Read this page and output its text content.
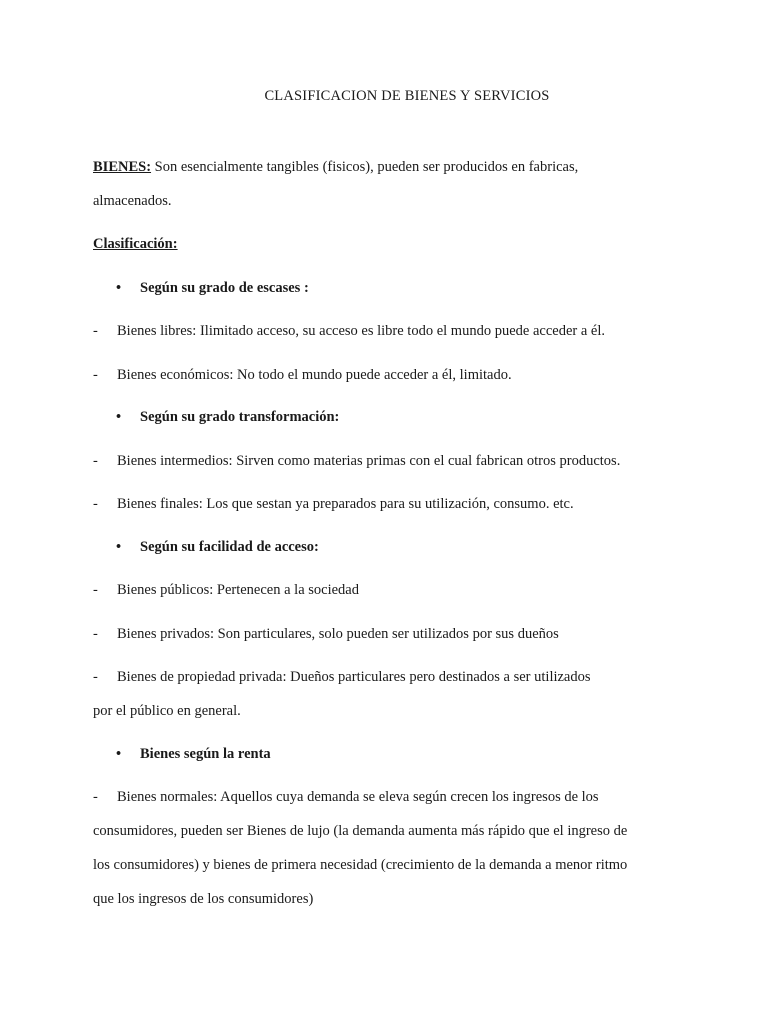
CLASIFICACION DE BIENES Y SERVICIOS
BIENES: Son esencialmente tangibles (fisicos), pueden ser producidos en fabricas,
almacenados.
Clasificación:
• Según su grado de escases :
- Bienes libres: Ilimitado acceso, su acceso es libre todo el mundo puede acceder a él.
- Bienes económicos: No todo el mundo puede acceder a él, limitado.
• Según su grado transformación:
- Bienes intermedios: Sirven como materias primas con el cual fabrican otros productos.
- Bienes finales: Los que sestan ya preparados para su utilización, consumo. etc.
• Según su facilidad de acceso:
- Bienes públicos: Pertenecen a la sociedad
- Bienes privados: Son particulares, solo pueden ser utilizados por sus dueños
- Bienes de propiedad privada: Dueños particulares pero destinados a ser utilizados
por el público en general.
• Bienes según la renta
- Bienes normales: Aquellos cuya demanda se eleva según crecen los ingresos de los
consumidores, pueden ser Bienes de lujo (la demanda aumenta más rápido que el ingreso de
los consumidores) y bienes de primera necesidad (crecimiento de la demanda a menor ritmo
que los ingresos de los consumidores)
